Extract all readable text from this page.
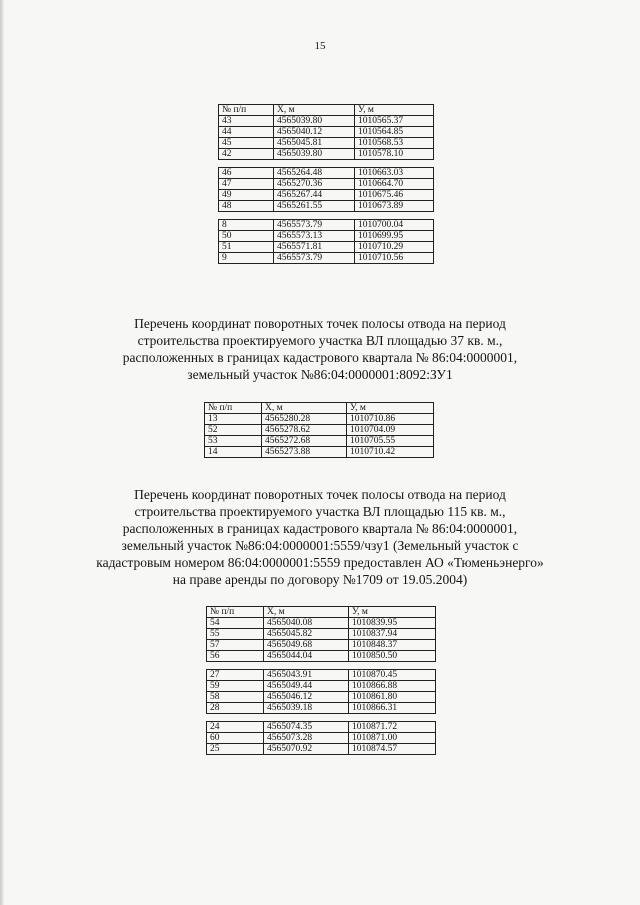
15
№ п/п	X, м	У, м
43	4565039.80	1010565.37
44	4565040.12	1010564.85
45	4565045.81	1010568.53
42	4565039.80	1010578.10

46	4565264.48	1010663.03
47	4565270.36	1010664.70
49	4565267.44	1010675.46
48	4565261.55	1010673.89

8	4565573.79	1010700.04
50	4565573.13	1010699.95
51	4565571.81	1010710.29
9	4565573.79	1010710.56

Перечень координат поворотных точек полосы отвода на период

строительства проектируемого участка ВЛ площадью 37 кв. м.,

расположенных в границах кадастрового квартала № 86:04:0000001,

земельный участок №86:04:0000001:8092:ЗУ1

№ п/п	X, м	У, м
13	4565280.28	1010710.86
52	4565278.62	1010704.09
53	4565272.68	1010705.55
14	4565273.88	1010710.42

Перечень координат поворотных точек полосы отвода на период

строительства проектируемого участка ВЛ площадью 115 кв. м.,

расположенных в границах кадастрового квартала № 86:04:0000001,

земельный участок №86:04:0000001:5559/чзу1 (Земельный участок с

кадастровым номером 86:04:0000001:5559 предоставлен АО «Тюменьэнерго»

на праве аренды по договору №1709 от 19.05.2004)

№ п/п	X, м	У, м
54	4565040.08	1010839.95
55	4565045.82	1010837.94
57	4565049.68	1010848.37
56	4565044.04	1010850.50

27	4565043.91	1010870.45
59	4565049.44	1010866.88
58	4565046.12	1010861.80
28	4565039.18	1010866.31

24	4565074.35	1010871.72
60	4565073.28	1010871.00
25	4565070.92	1010874.57
